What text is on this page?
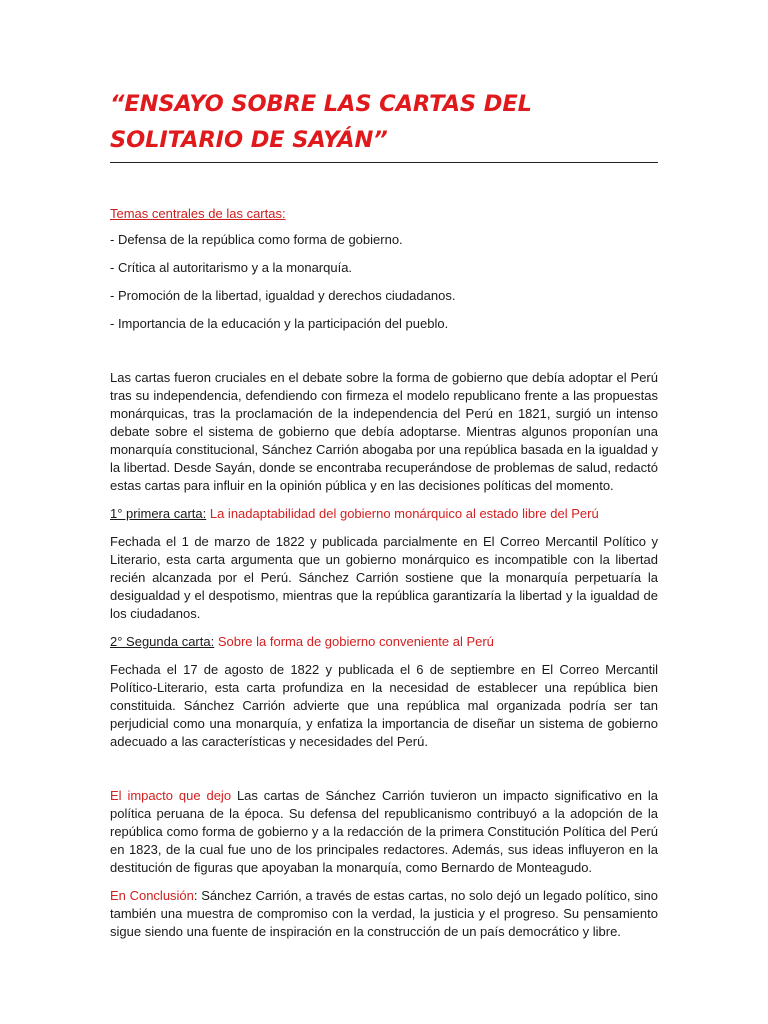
“ENSAYO SOBRE LAS CARTAS DEL SOLITARIO DE SAYÁN”
Temas centrales de las cartas:
- Defensa de la república como forma de gobierno.
- Crítica al autoritarismo y a la monarquía.
- Promoción de la libertad, igualdad y derechos ciudadanos.
- Importancia de la educación y la participación del pueblo.

Las cartas fueron cruciales en el debate sobre la forma de gobierno que debía adoptar el Perú tras su independencia, defendiendo con firmeza el modelo republicano frente a las propuestas monárquicas, tras la proclamación de la independencia del Perú en 1821, surgió un intenso debate sobre el sistema de gobierno que debía adoptarse. Mientras algunos proponían una monarquía constitucional, Sánchez Carrión abogaba por una república basada en la igualdad y la libertad. Desde Sayán, donde se encontraba recuperándose de problemas de salud, redactó estas cartas para influir en la opinión pública y en las decisiones políticas del momento.

1° primera carta: La inadaptabilidad del gobierno monárquico al estado libre del Perú

Fechada el 1 de marzo de 1822 y publicada parcialmente en El Correo Mercantil Político y Literario, esta carta argumenta que un gobierno monárquico es incompatible con la libertad recién alcanzada por el Perú. Sánchez Carrión sostiene que la monarquía perpetuaría la desigualdad y el despotismo, mientras que la república garantizaría la libertad y la igualdad de los ciudadanos.

2° Segunda carta: Sobre la forma de gobierno conveniente al Perú

Fechada el 17 de agosto de 1822 y publicada el 6 de septiembre en El Correo Mercantil Político-Literario, esta carta profundiza en la necesidad de establecer una república bien constituida. Sánchez Carrión advierte que una república mal organizada podría ser tan perjudicial como una monarquía, y enfatiza la importancia de diseñar un sistema de gobierno adecuado a las características y necesidades del Perú.

El impacto que dejo Las cartas de Sánchez Carrión tuvieron un impacto significativo en la política peruana de la época. Su defensa del republicanismo contribuyó a la adopción de la república como forma de gobierno y a la redacción de la primera Constitución Política del Perú en 1823, de la cual fue uno de los principales redactores. Además, sus ideas influyeron en la destitución de figuras que apoyaban la monarquía, como Bernardo de Monteagudo.

En Conclusión: Sánchez Carrión, a través de estas cartas, no solo dejó un legado político, sino también una muestra de compromiso con la verdad, la justicia y el progreso. Su pensamiento sigue siendo una fuente de inspiración en la construcción de un país democrático y libre.
